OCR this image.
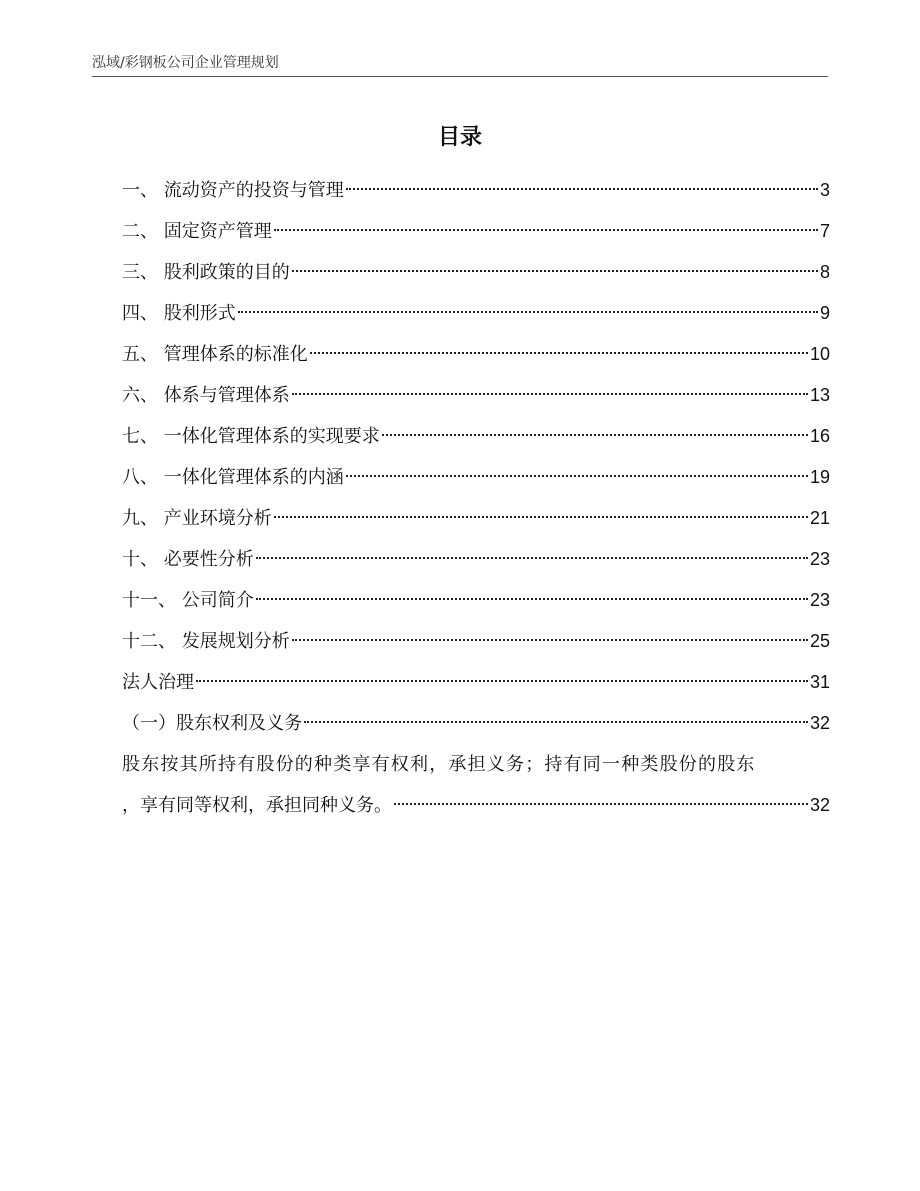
泓域/彩钢板公司企业管理规划
目录
一、 流动资产的投资与管理	3
二、 固定资产管理	7
三、 股利政策的目的	8
四、 股利形式	9
五、 管理体系的标准化	10
六、 体系与管理体系	13
七、 一体化管理体系的实现要求	16
八、 一体化管理体系的内涵	19
九、 产业环境分析	21
十、 必要性分析	23
十一、 公司简介	23
十二、 发展规划分析	25
法人治理	31
（一）股东权利及义务	32
股东按其所持有股份的种类享有权利，承担义务；持有同一种类股份的股东
，享有同等权利，承担同种义务。	32
